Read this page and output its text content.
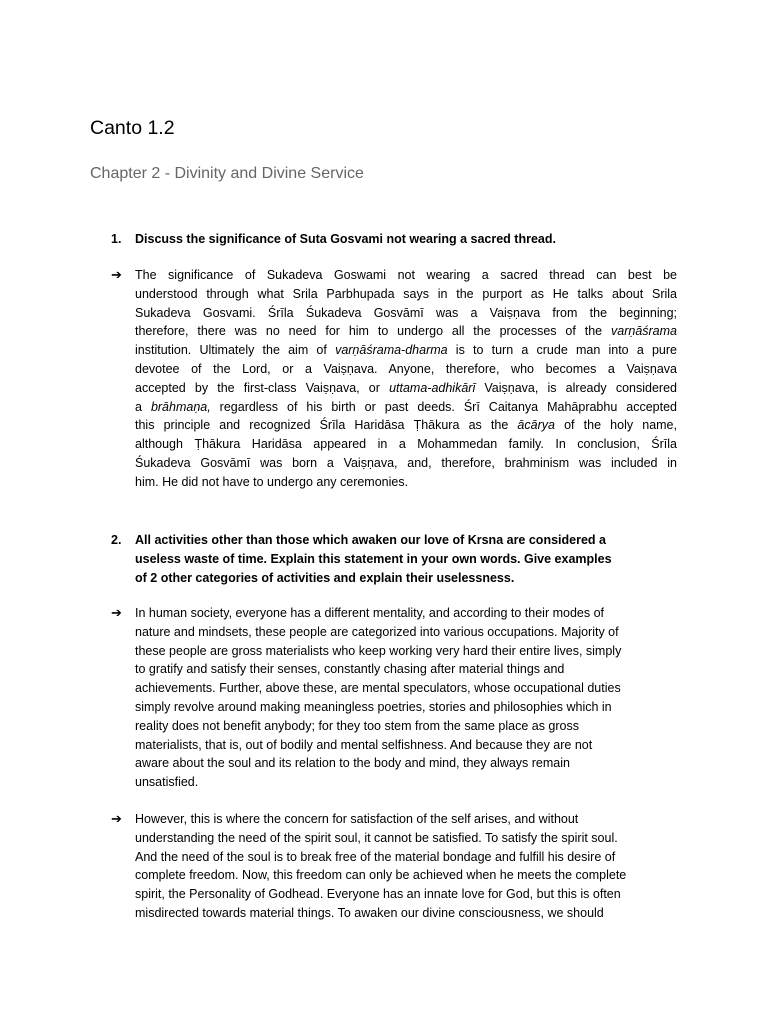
Canto 1.2
Chapter 2 - Divinity and Divine Service
1. Discuss the significance of Suta Gosvami not wearing a sacred thread.

➔ The significance of Sukadeva Goswami not wearing a sacred thread can best be
understood through what Srila Parbhupada says in the purport as He talks about Srila
Sukadeva Gosvami. Śrīla Śukadeva Gosvāmī was a Vaiṣṇava from the beginning;
therefore, there was no need for him to undergo all the processes of the varṇāśrama
institution. Ultimately the aim of varṇāśrama-dharma is to turn a crude man into a pure
devotee of the Lord, or a Vaiṣṇava. Anyone, therefore, who becomes a Vaiṣṇava
accepted by the first-class Vaiṣṇava, or uttama-adhikārī Vaiṣṇava, is already considered
a brāhmaṇa, regardless of his birth or past deeds. Śrī Caitanya Mahāprabhu accepted
this principle and recognized Śrīla Haridāsa Ṭhākura as the ācārya of the holy name,
although Ṭhākura Haridāsa appeared in a Mohammedan family. In conclusion, Śrīla
Śukadeva Gosvāmī was born a Vaiṣṇava, and, therefore, brahminism was included in
him. He did not have to undergo any ceremonies.
2. All activities other than those which awaken our love of Krsna are considered a
useless waste of time. Explain this statement in your own words. Give examples
of 2 other categories of activities and explain their uselessness.
➔ In human society, everyone has a different mentality, and according to their modes of
nature and mindsets, these people are categorized into various occupations. Majority of
these people are gross materialists who keep working very hard their entire lives, simply
to gratify and satisfy their senses, constantly chasing after material things and
achievements. Further, above these, are mental speculators, whose occupational duties
simply revolve around making meaningless poetries, stories and philosophies which in
reality does not benefit anybody; for they too stem from the same place as gross
materialists, that is, out of bodily and mental selfishness. And because they are not
aware about the soul and its relation to the body and mind, they always remain
unsatisfied.
➔ However, this is where the concern for satisfaction of the self arises, and without
understanding the need of the spirit soul, it cannot be satisfied. To satisfy the spirit soul.
And the need of the soul is to break free of the material bondage and fulfill his desire of
complete freedom. Now, this freedom can only be achieved when he meets the complete
spirit, the Personality of Godhead. Everyone has an innate love for God, but this is often
misdirected towards material things. To awaken our divine consciousness, we should
